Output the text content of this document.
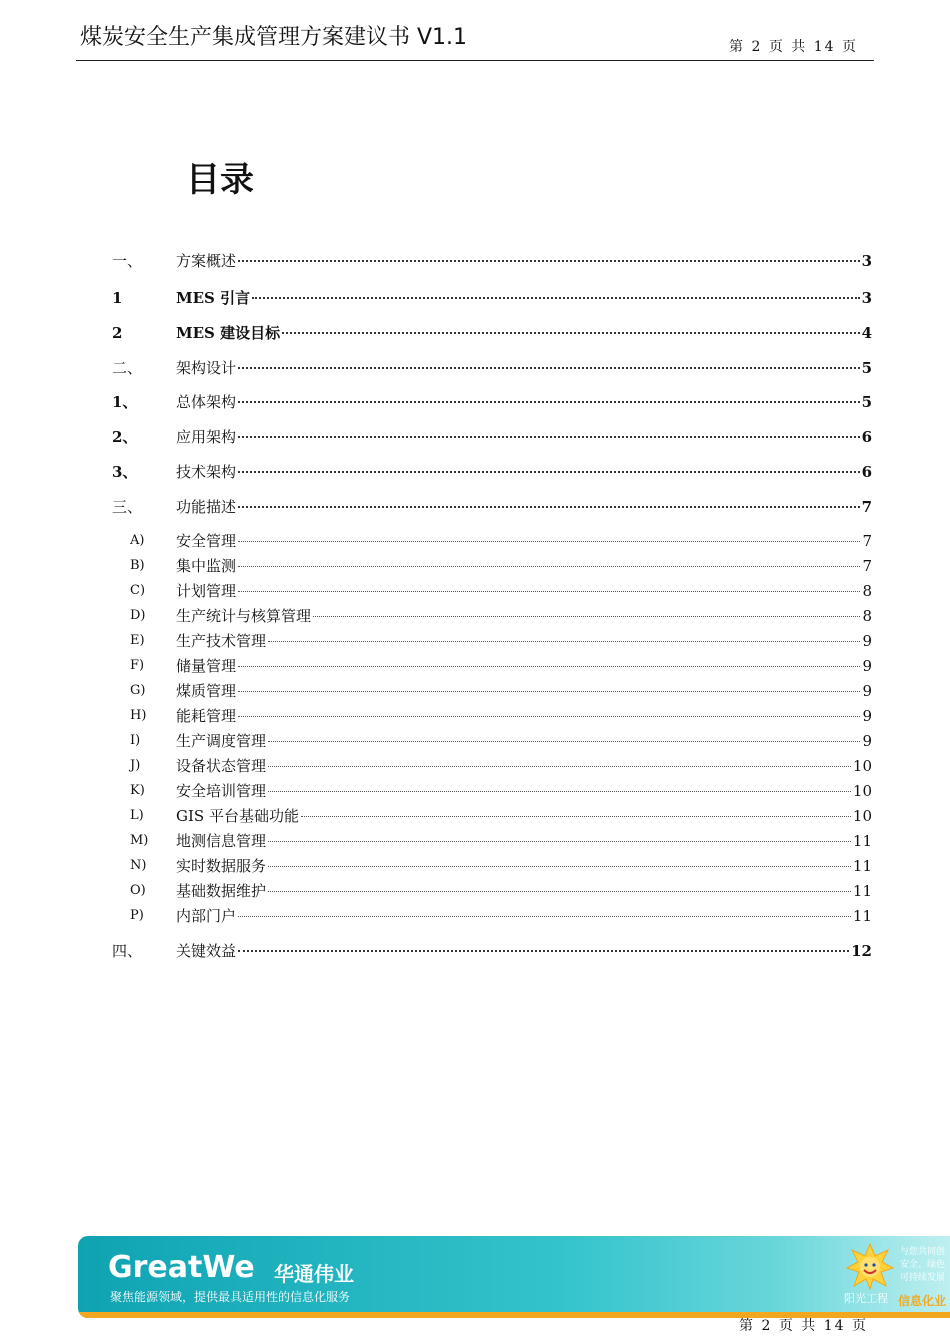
煤炭安全生产集成管理方案建议书 V1.1	第 2 页 共 14 页
目录
一、 方案概述	3
1	MES 引言	3
2	MES 建设目标	4
二、 架构设计	5
1、	总体架构	5
2、	应用架构	6
3、	技术架构	6
三、 功能描述	7
A) 安全管理	7
B) 集中监测	7
C) 计划管理	8
D) 生产统计与核算管理	8
E) 生产技术管理	9
F) 储量管理	9
G) 煤质管理	9
H) 能耗管理	9
I) 生产调度管理	9
J) 设备状态管理	10
K) 安全培训管理	10
L) GIS 平台基础功能	10
M) 地测信息管理	11
N) 实时数据服务	11
O) 基础数据维护	11
P) 内部门户	11
四、 关键效益	12
GreatWe 华通伟业
聚焦能源领域，提供最具适用性的信息化服务	阳光工程
与您共同创
安全、绿色
可持续发展
信息化业
第 2 页 共 14 页
